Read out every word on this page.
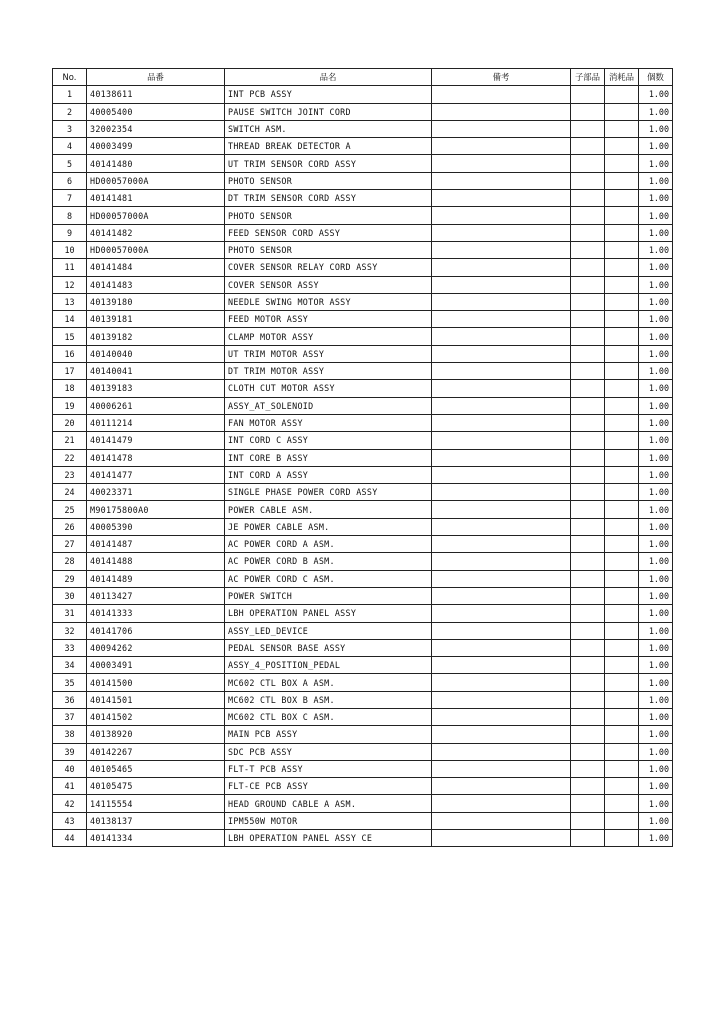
No.	品番	品名	備考	子部品	消耗品	個数
1	40138611	INT PCB ASSY				1.00
2	40005400	PAUSE SWITCH JOINT CORD				1.00
3	32002354	SWITCH ASM.				1.00
4	40003499	THREAD BREAK DETECTOR A				1.00
5	40141480	UT TRIM SENSOR CORD ASSY				1.00
6	HD00057000A	PHOTO SENSOR				1.00
7	40141481	DT TRIM SENSOR CORD ASSY				1.00
8	HD00057000A	PHOTO SENSOR				1.00
9	40141482	FEED SENSOR CORD ASSY				1.00
10	HD00057000A	PHOTO SENSOR				1.00
11	40141484	COVER SENSOR RELAY CORD ASSY				1.00
12	40141483	COVER SENSOR ASSY				1.00
13	40139180	NEEDLE SWING MOTOR ASSY				1.00
14	40139181	FEED MOTOR ASSY				1.00
15	40139182	CLAMP MOTOR ASSY				1.00
16	40140040	UT TRIM MOTOR ASSY				1.00
17	40140041	DT TRIM MOTOR ASSY				1.00
18	40139183	CLOTH CUT MOTOR ASSY				1.00
19	40006261	ASSY_AT_SOLENOID				1.00
20	40111214	FAN MOTOR ASSY				1.00
21	40141479	INT CORD C ASSY				1.00
22	40141478	INT CORE B ASSY				1.00
23	40141477	INT CORD A ASSY				1.00
24	40023371	SINGLE PHASE POWER CORD ASSY				1.00
25	M90175800A0	POWER CABLE ASM.				1.00
26	40005390	JE POWER CABLE ASM.				1.00
27	40141487	AC POWER CORD A ASM.				1.00
28	40141488	AC POWER CORD B ASM.				1.00
29	40141489	AC POWER CORD C ASM.				1.00
30	40113427	POWER SWITCH				1.00
31	40141333	LBH OPERATION PANEL ASSY				1.00
32	40141706	ASSY_LED_DEVICE				1.00
33	40094262	PEDAL SENSOR BASE ASSY				1.00
34	40003491	ASSY_4_POSITION_PEDAL				1.00
35	40141500	MC602 CTL BOX A ASM.				1.00
36	40141501	MC602 CTL BOX B ASM.				1.00
37	40141502	MC602 CTL BOX C ASM.				1.00
38	40138920	MAIN PCB ASSY				1.00
39	40142267	SDC PCB ASSY				1.00
40	40105465	FLT-T PCB ASSY				1.00
41	40105475	FLT-CE PCB ASSY				1.00
42	14115554	HEAD GROUND CABLE A ASM.				1.00
43	40138137	IPM550W MOTOR				1.00
44	40141334	LBH OPERATION PANEL ASSY CE				1.00
